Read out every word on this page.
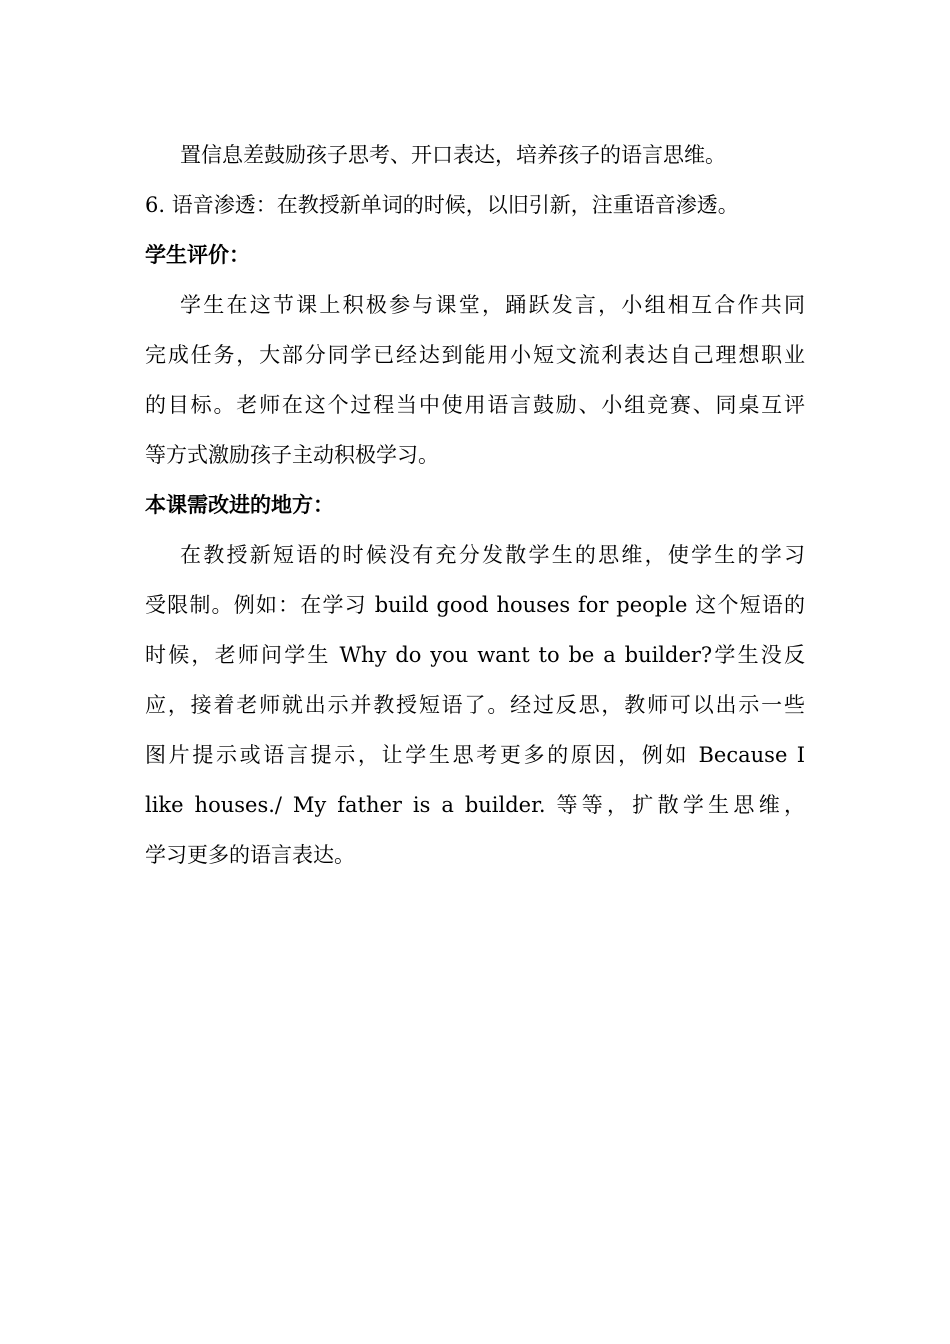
置信息差鼓励孩子思考、开口表达，培养孩子的语言思维。
6. 语音渗透：在教授新单词的时候，以旧引新，注重语音渗透。
学生评价：
学生在这节课上积极参与课堂，踊跃发言，小组相互合作共同
完成任务，大部分同学已经达到能用小短文流利表达自己理想职业
的目标。老师在这个过程当中使用语言鼓励、小组竞赛、同桌互评
等方式激励孩子主动积极学习。
本课需改进的地方：
在教授新短语的时候没有充分发散学生的思维，使学生的学习
受限制。例如：在学习 build good houses for people 这个短语的
时候，老师问学生 Why do you want to be a builder?学生没反
应，接着老师就出示并教授短语了。经过反思，教师可以出示一些
图片提示或语言提示，让学生思考更多的原因，例如 Because I
like houses./ My father is a builder. 等等，扩散学生思维，
学习更多的语言表达。
